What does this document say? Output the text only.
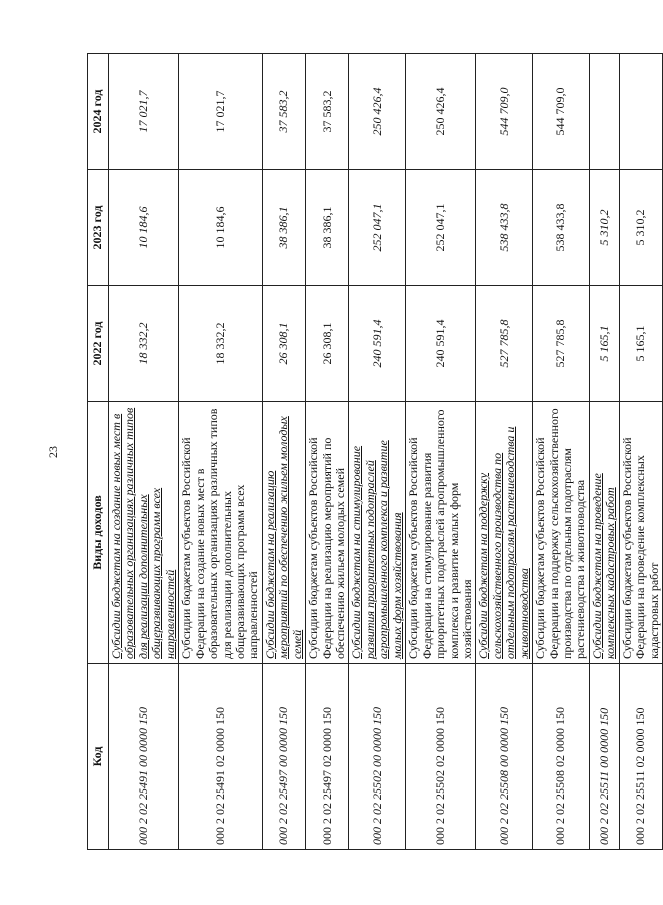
23
Код	Виды доходов	2022 год	2023 год	2024 год
000 2 02 25491 00 0000 150	Субсидии бюджетам на создание новых мест в образовательных организациях различных типов для реализации дополнительных общеразвивающих программ всех направленностей	18 332,2	10 184,6	17 021,7
000 2 02 25491 02 0000 150	Субсидии бюджетам субъектов Российской Федерации на создание новых мест в образовательных организациях различных типов для реализации дополнительных общеразвивающих программ всех направленностей	18 332,2	10 184,6	17 021,7
000 2 02 25497 00 0000 150	Субсидии бюджетам на реализацию мероприятий по обеспечению жильем молодых семей	26 308,1	38 386,1	37 583,2
000 2 02 25497 02 0000 150	Субсидии бюджетам субъектов Российской Федерации на реализацию мероприятий по обеспечению жильем молодых семей	26 308,1	38 386,1	37 583,2
000 2 02 25502 00 0000 150	Субсидии бюджетам на стимулирование развития приоритетных подотраслей агропромышленного комплекса и развитие малых форм хозяйствования	240 591,4	252 047,1	250 426,4
000 2 02 25502 02 0000 150	Субсидии бюджетам субъектов Российской Федерации на стимулирование развития приоритетных подотраслей агропромышленного комплекса и развитие малых форм хозяйствования	240 591,4	252 047,1	250 426,4
000 2 02 25508 00 0000 150	Субсидии бюджетам на поддержку сельскохозяйственного производства по отдельным подотраслям растениеводства и животноводства	527 785,8	538 433,8	544 709,0
000 2 02 25508 02 0000 150	Субсидии бюджетам субъектов Российской Федерации на поддержку сельскохозяйственного производства по отдельным подотраслям растениеводства и животноводства	527 785,8	538 433,8	544 709,0
000 2 02 25511 00 0000 150	Субсидии бюджетам на проведение комплексных кадастровых работ	5 165,1	5 310,2	
000 2 02 25511 02 0000 150	Субсидии бюджетам субъектов Российской Федерации на проведение комплексных кадастровых работ	5 165,1	5 310,2	
